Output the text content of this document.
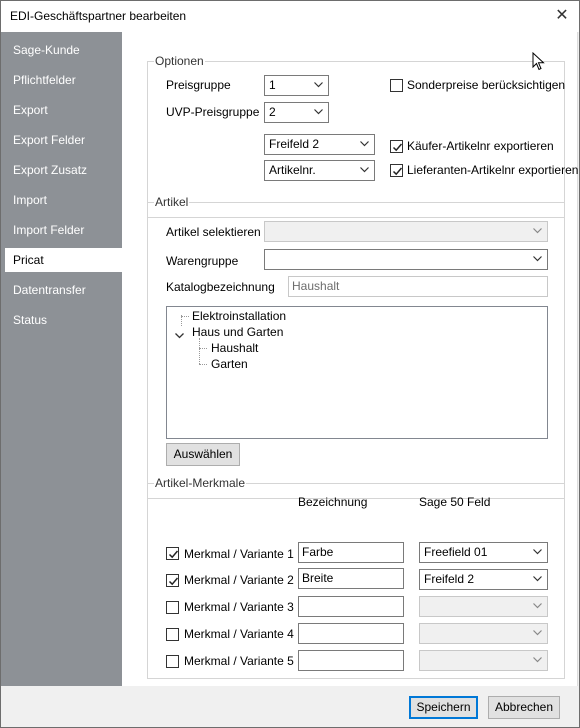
EDI-Geschäftspartner bearbeiten	✕
Sage-Kunde
Pflichtfelder
Export
Export Felder
Export Zusatz
Import
Import Felder
Pricat
Datentransfer
Status
Optionen
Preisgruppe	1
UVP-Preisgruppe 2
Freifeld 2
Artikelnr.
Sonderpreise berücksichtigen
Käufer-Artikelnr exportieren
Lieferanten-Artikelnr exportieren
Artikel
Artikel selektieren
Warengruppe
Katalogbezeichnung	Haushalt
Elektroinstallation
Haus und Garten
Haushalt
Garten
Auswählen
Artikel-Merkmale
Bezeichnung	Sage 50 Feld
Merkmal / Variante 1 Farbe	Freefield 01
Merkmal / Variante 2 Breite	Freifeld 2
Merkmal / Variante 3
Merkmal / Variante 4
Merkmal / Variante 5
Speichern	Abbrechen
